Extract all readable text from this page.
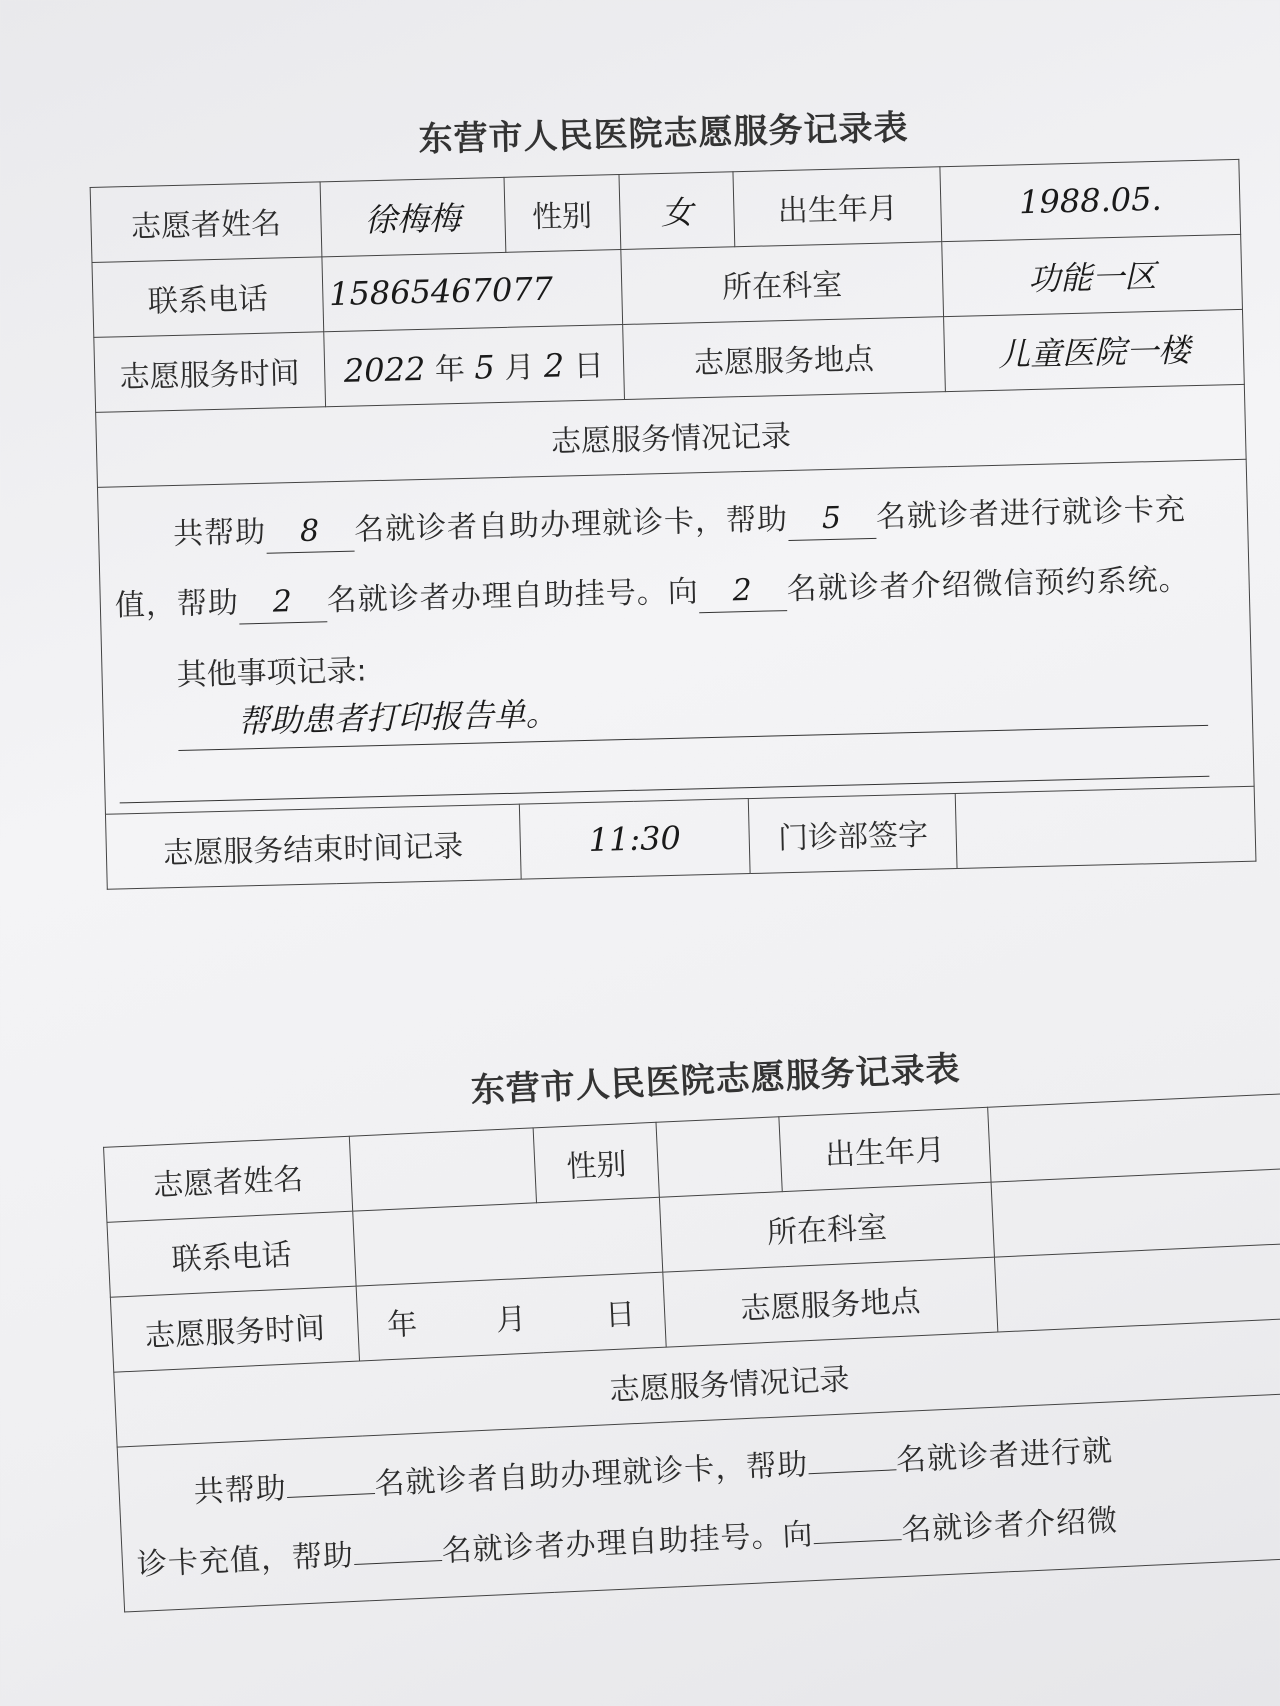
东营市人民医院志愿服务记录表
志愿者姓名	徐梅梅	性别	女	出生年月	1988.05.
联系电话	15865467077		所在科室		功能一区
志愿服务时间	2022 年 5 月 2 日		志愿服务地点		儿童医院一楼
志愿服务情况记录					

共帮助 8 名就诊者自助办理就诊卡，帮助 5 名就诊者进行就诊卡充值，帮助 2 名就诊者办理自助挂号。向 2 名就诊者介绍微信预约系统。

其他事项记录:
帮助患者打印报告单。					

志愿服务结束时间记录		11:30		门诊部签字	
东营市人民医院志愿服务记录表
志愿者姓名		性别		出生年月	
联系电话			所在科室		
志愿服务时间	年 月 日		志愿服务地点		
志愿服务情况记录					

共帮助 名就诊者自助办理就诊卡，帮助 名就诊者进行就

诊卡充值，帮助 名就诊者办理自助挂号。向 名就诊者介绍微					
